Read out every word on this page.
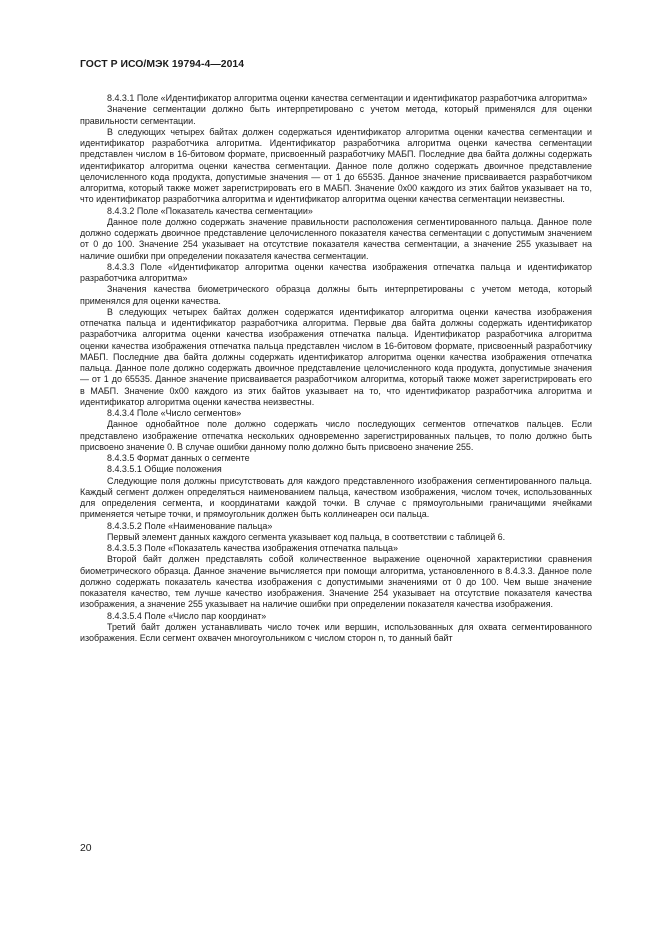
ГОСТ Р ИСО/МЭК 19794-4—2014

8.4.3.1 Поле «Идентификатор алгоритма оценки качества сегментации и идентификатор разработчика алгоритма»

Значение сегментации должно быть интерпретировано с учетом метода, который применялся для оценки правильности сегментации.

В следующих четырех байтах должен содержаться идентификатор алгоритма оценки качества сегментации и идентификатор разработчика алгоритма. Идентификатор разработчика алгоритма оценки качества сегментации представлен числом в 16-битовом формате, присвоенный разработчику МАБП. Последние два байта должны содержать идентификатор алгоритма оценки качества сегментации. Данное поле должно содержать двоичное представление целочисленного кода продукта, допустимые значения — от 1 до 65535. Данное значение присваивается разработчиком алгоритма, который также может зарегистрировать его в МАБП. Значение 0x00 каждого из этих байтов указывает на то, что идентификатор разработчика алгоритма и идентификатор алгоритма оценки качества сегментации неизвестны.

8.4.3.2 Поле «Показатель качества сегментации»

Данное поле должно содержать значение правильности расположения сегментированного пальца. Данное поле должно содержать двоичное представление целочисленного показателя качества сегментации с допустимым значением от 0 до 100. Значение 254 указывает на отсутствие показателя качества сегментации, а значение 255 указывает на наличие ошибки при определении показателя качества сегментации.

8.4.3.3 Поле «Идентификатор алгоритма оценки качества изображения отпечатка пальца и идентификатор разработчика алгоритма»

Значения качества биометрического образца должны быть интерпретированы с учетом метода, который применялся для оценки качества.

В следующих четырех байтах должен содержатся идентификатор алгоритма оценки качества изображения отпечатка пальца и идентификатор разработчика алгоритма. Первые два байта должны содержать идентификатор разработчика алгоритма оценки качества изображения отпечатка пальца. Идентификатор разработчика алгоритма оценки качества изображения отпечатка пальца представлен числом в 16-битовом формате, присвоенный разработчику МАБП. Последние два байта должны содержать идентификатор алгоритма оценки качества изображения отпечатка пальца. Данное поле должно содержать двоичное представление целочисленного кода продукта, допустимые значения — от 1 до 65535. Данное значение присваивается разработчиком алгоритма, который также может зарегистрировать его в МАБП. Значение 0x00 каждого из этих байтов указывает на то, что идентификатор разработчика алгоритма и идентификатор алгоритма оценки качества неизвестны.

8.4.3.4 Поле «Число сегментов»

Данное однобайтное поле должно содержать число последующих сегментов отпечатков пальцев. Если представлено изображение отпечатка нескольких одновременно зарегистрированных пальцев, то полю должно быть присвоено значение 0. В случае ошибки данному полю должно быть присвоено значение 255.

8.4.3.5 Формат данных о сегменте

8.4.3.5.1 Общие положения

Следующие поля должны присутствовать для каждого представленного изображения сегментированного пальца. Каждый сегмент должен определяться наименованием пальца, качеством изображения, числом точек, использованных для определения сегмента, и координатами каждой точки. В случае с прямоугольными граничащими ячейками применяется четыре точки, и прямоугольник должен быть коллинеарен оси пальца.

8.4.3.5.2 Поле «Наименование пальца»

Первый элемент данных каждого сегмента указывает код пальца, в соответствии с таблицей 6.

8.4.3.5.3 Поле «Показатель качества изображения отпечатка пальца»

Второй байт должен представлять собой количественное выражение оценочной характеристики сравнения биометрического образца. Данное значение вычисляется при помощи алгоритма, установленного в 8.4.3.3. Данное поле должно содержать показатель качества изображения с допустимыми значениями от 0 до 100. Чем выше значение показателя качество, тем лучше качество изображения. Значение 254 указывает на отсутствие показателя качества изображения, а значение 255 указывает на наличие ошибки при определении показателя качества изображения.

8.4.3.5.4 Поле «Число пар координат»

Третий байт должен устанавливать число точек или вершин, использованных для охвата сегментированного изображения. Если сегмент охвачен многоугольником с числом сторон n, то данный байт

20
